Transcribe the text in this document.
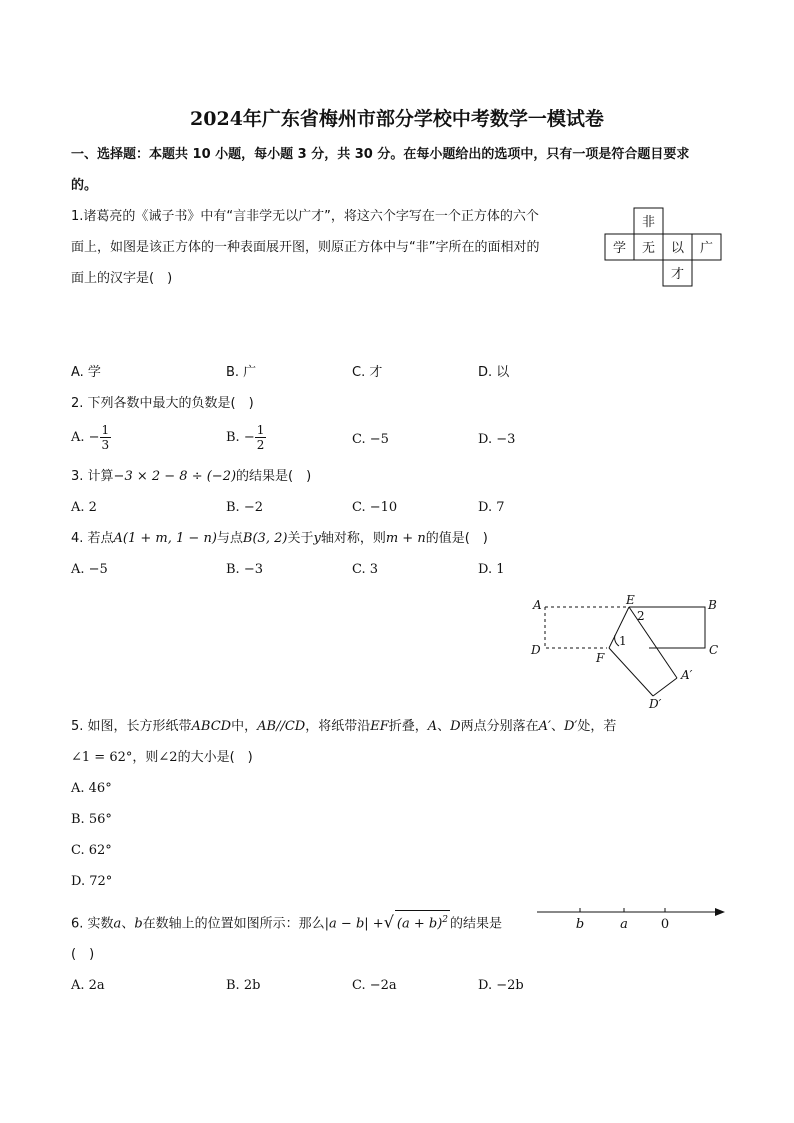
2024年广东省梅州市部分学校中考数学一模试卷
一、选择题：本题共 10 小题，每小题 3 分，共 30 分。在每小题给出的选项中，只有一项是符合题目要求
的。
1.诸葛亮的《诫子书》中有“言非学无以广才”，将这六个字写在一个正方体的六个
面上，如图是该正方体的一种表面展开图，则原正方体中与“非”字所在的面相对的
面上的汉字是(　)
非
学 无 以 广
才
A. 学	B. 广	C. 才	D. 以
2. 下列各数中最大的负数是(　)
A. − $\frac{1}{3}$	B. − $\frac{1}{2}$	C. −5	D. −3
3. 计算−3 × 2 − 8 ÷ (−2)的结果是(　)
A. 2	B. −2	C. −10	D. 7
4. 若点A(1 + m, 1 − n)与点B(3, 2)关于y轴对称，则m + n的值是(　)
A. −5	B. −3	C. 3	D. 1
A	B
C
D
E
F
A′
D′
1
2
5. 如图，长方形纸带ABCD中，AB//CD，将纸带沿EF折叠，A、D两点分别落在A′、D′处，若
∠1 = 62°，则∠2的大小是(　)
A. 46°
B. 56°
C. 62°
D. 72°
6. 实数a、b在数轴上的位置如图所示：那么|a − b| +√ $(a + b)^2$ 的结果是
(　)
b	a	0
A. 2a	B. 2b	C. −2a	D. −2b
